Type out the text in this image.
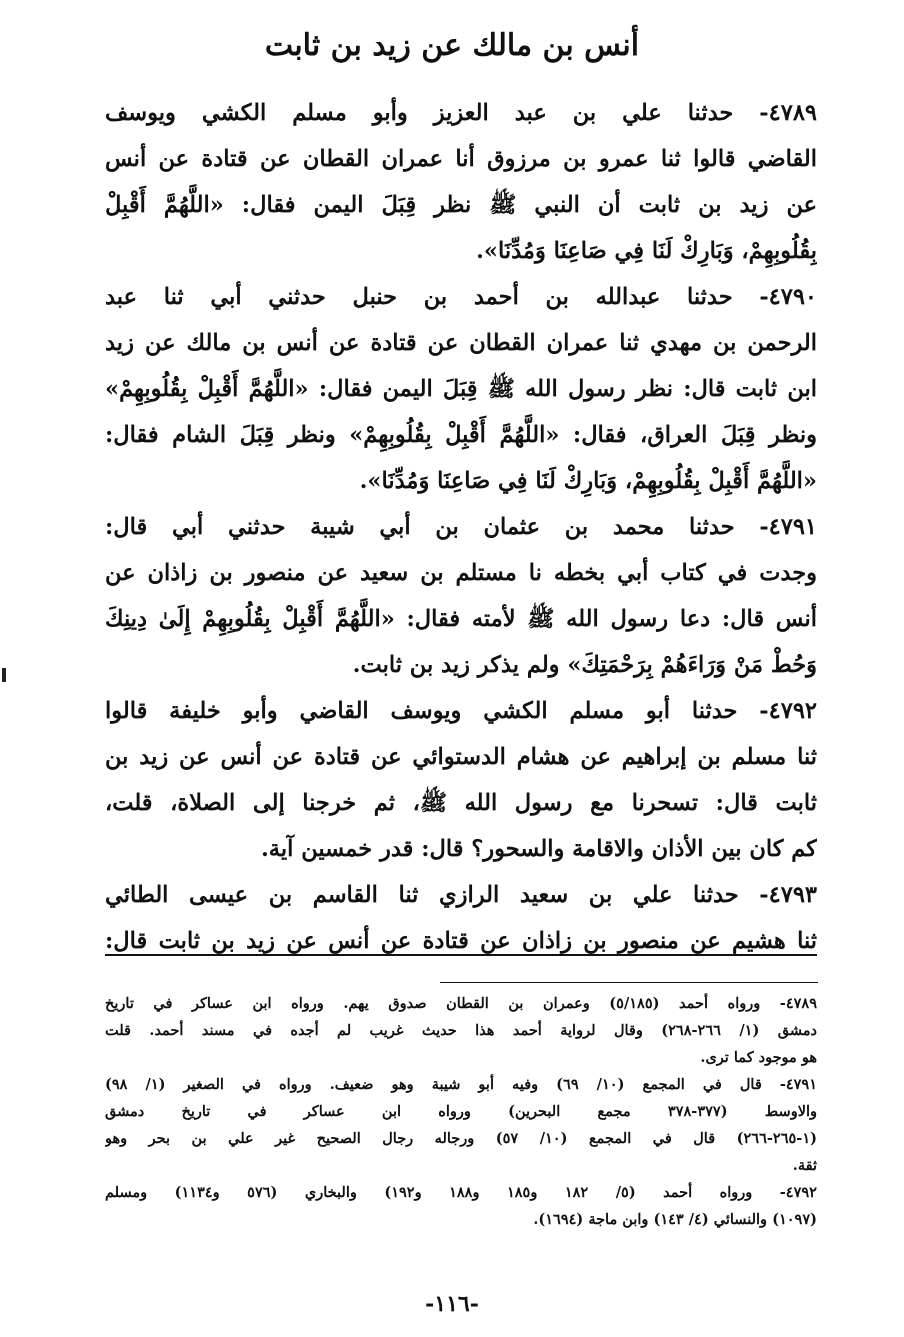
أنس بن مالك عن زيد بن ثابت
٤٧٨٩- حدثنا علي بن عبد العزيز وأبو مسلم الكشي ويوسف
القاضي قالوا ثنا عمرو بن مرزوق أنا عمران القطان عن قتادة عن أنس
عن زيد بن ثابت أن النبي ﷺ نظر قِبَلَ اليمن فقال: «اللَّهُمَّ أَقْبِلْ
بِقُلُوبِهِمْ، وَبَارِكْ لَنَا فِي صَاعِنَا وَمُدِّنَا».
٤٧٩٠- حدثنا عبدالله بن أحمد بن حنبل حدثني أبي ثنا عبد
الرحمن بن مهدي ثنا عمران القطان عن قتادة عن أنس بن مالك عن زيد
ابن ثابت قال: نظر رسول الله ﷺ قِبَلَ اليمن فقال: «اللَّهُمَّ أَقْبِلْ بِقُلُوبِهِمْ»
ونظر قِبَلَ العراق، فقال: «اللَّهُمَّ أَقْبِلْ بِقُلُوبِهِمْ» ونظر قِبَلَ الشام فقال:
«اللَّهُمَّ أَقْبِلْ بِقُلُوبِهِمْ، وَبَارِكْ لَنَا فِي صَاعِنَا وَمُدِّنَا».
٤٧٩١- حدثنا محمد بن عثمان بن أبي شيبة حدثني أبي قال:
وجدت في كتاب أبي بخطه نا مستلم بن سعيد عن منصور بن زاذان عن
أنس قال: دعا رسول الله ﷺ لأمته فقال: «اللَّهُمَّ أَقْبِلْ بِقُلُوبِهِمْ إِلَىٰ دِينِكَ
وَحُطْ مَنْ وَرَاءَهُمْ بِرَحْمَتِكَ» ولم يذكر زيد بن ثابت.
٤٧٩٢- حدثنا أبو مسلم الكشي ويوسف القاضي وأبو خليفة قالوا
ثنا مسلم بن إبراهيم عن هشام الدستوائي عن قتادة عن أنس عن زيد بن
ثابت قال: تسحرنا مع رسول الله ﷺ، ثم خرجنا إلى الصلاة، قلت،
كم كان بين الأذان والاقامة والسحور؟ قال: قدر خمسين آية.
٤٧٩٣- حدثنا علي بن سعيد الرازي ثنا القاسم بن عيسى الطائي
ثنا هشيم عن منصور بن زاذان عن قتادة عن أنس عن زيد بن ثابت قال:
٤٧٨٩- ورواه أحمد (٥/١٨٥) وعمران بن القطان صدوق يهم. ورواه ابن عساكر في تاريخ
دمشق (١/ ٢٦٦-٢٦٨) وقال لرواية أحمد هذا حديث غريب لم أجده في مسند أحمد. قلت
هو موجود كما ترى.
٤٧٩١- قال في المجمع (١٠/ ٦٩) وفيه أبو شيبة وهو ضعيف. ورواه في الصغير (١/ ٩٨)
والاوسط (٣٧٧-٣٧٨ مجمع البحرين) ورواه ابن عساكر في تاريخ دمشق
(١-٢٦٥-٢٦٦) قال في المجمع (١٠/ ٥٧) ورجاله رجال الصحيح غير علي بن بحر وهو
ثقة.
٤٧٩٢- ورواه أحمد (٥/ ١٨٢ و١٨٥ و١٨٨ و١٩٢) والبخاري (٥٧٦ و١١٣٤) ومسلم
(١٠٩٧) والنسائي (٤/ ١٤٣) وابن ماجة (١٦٩٤).
-١١٦-
